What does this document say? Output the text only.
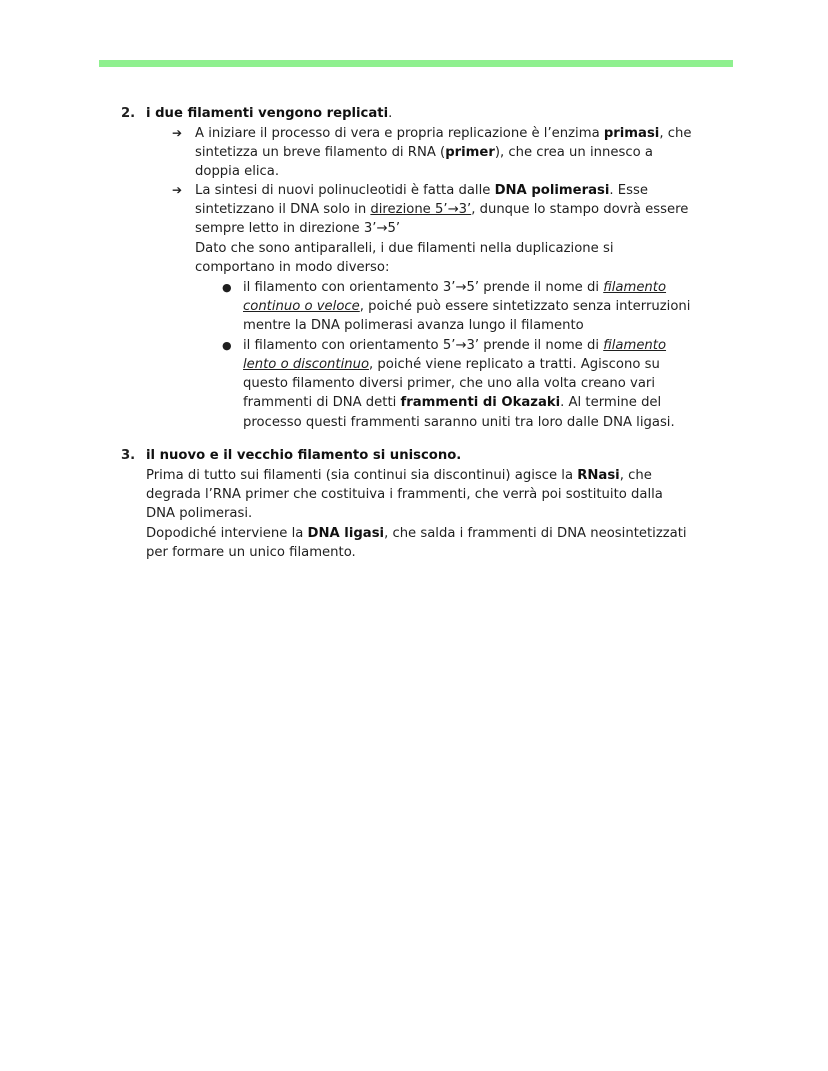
2. i due filamenti vengono replicati.
➔ A iniziare il processo di vera e propria replicazione è l’enzima primasi, che
sintetizza un breve filamento di RNA (primer), che crea un innesco a
doppia elica.
➔ La sintesi di nuovi polinucleotidi è fatta dalle DNA polimerasi. Esse
sintetizzano il DNA solo in direzione 5’→3’, dunque lo stampo dovrà essere
sempre letto in direzione 3’→5’
Dato che sono antiparalleli, i due filamenti nella duplicazione si
comportano in modo diverso:
● il filamento con orientamento 3’→5’ prende il nome di filamento
continuo o veloce, poiché può essere sintetizzato senza interruzioni
mentre la DNA polimerasi avanza lungo il filamento
● il filamento con orientamento 5’→3’ prende il nome di filamento
lento o discontinuo, poiché viene replicato a tratti. Agiscono su
questo filamento diversi primer, che uno alla volta creano vari
frammenti di DNA detti frammenti di Okazaki. Al termine del
processo questi frammenti saranno uniti tra loro dalle DNA ligasi.
3. il nuovo e il vecchio filamento si uniscono.
Prima di tutto sui filamenti (sia continui sia discontinui) agisce la RNasi, che
degrada l’RNA primer che costituiva i frammenti, che verrà poi sostituito dalla
DNA polimerasi.
Dopodiché interviene la DNA ligasi, che salda i frammenti di DNA neosintetizzati
per formare un unico filamento.
